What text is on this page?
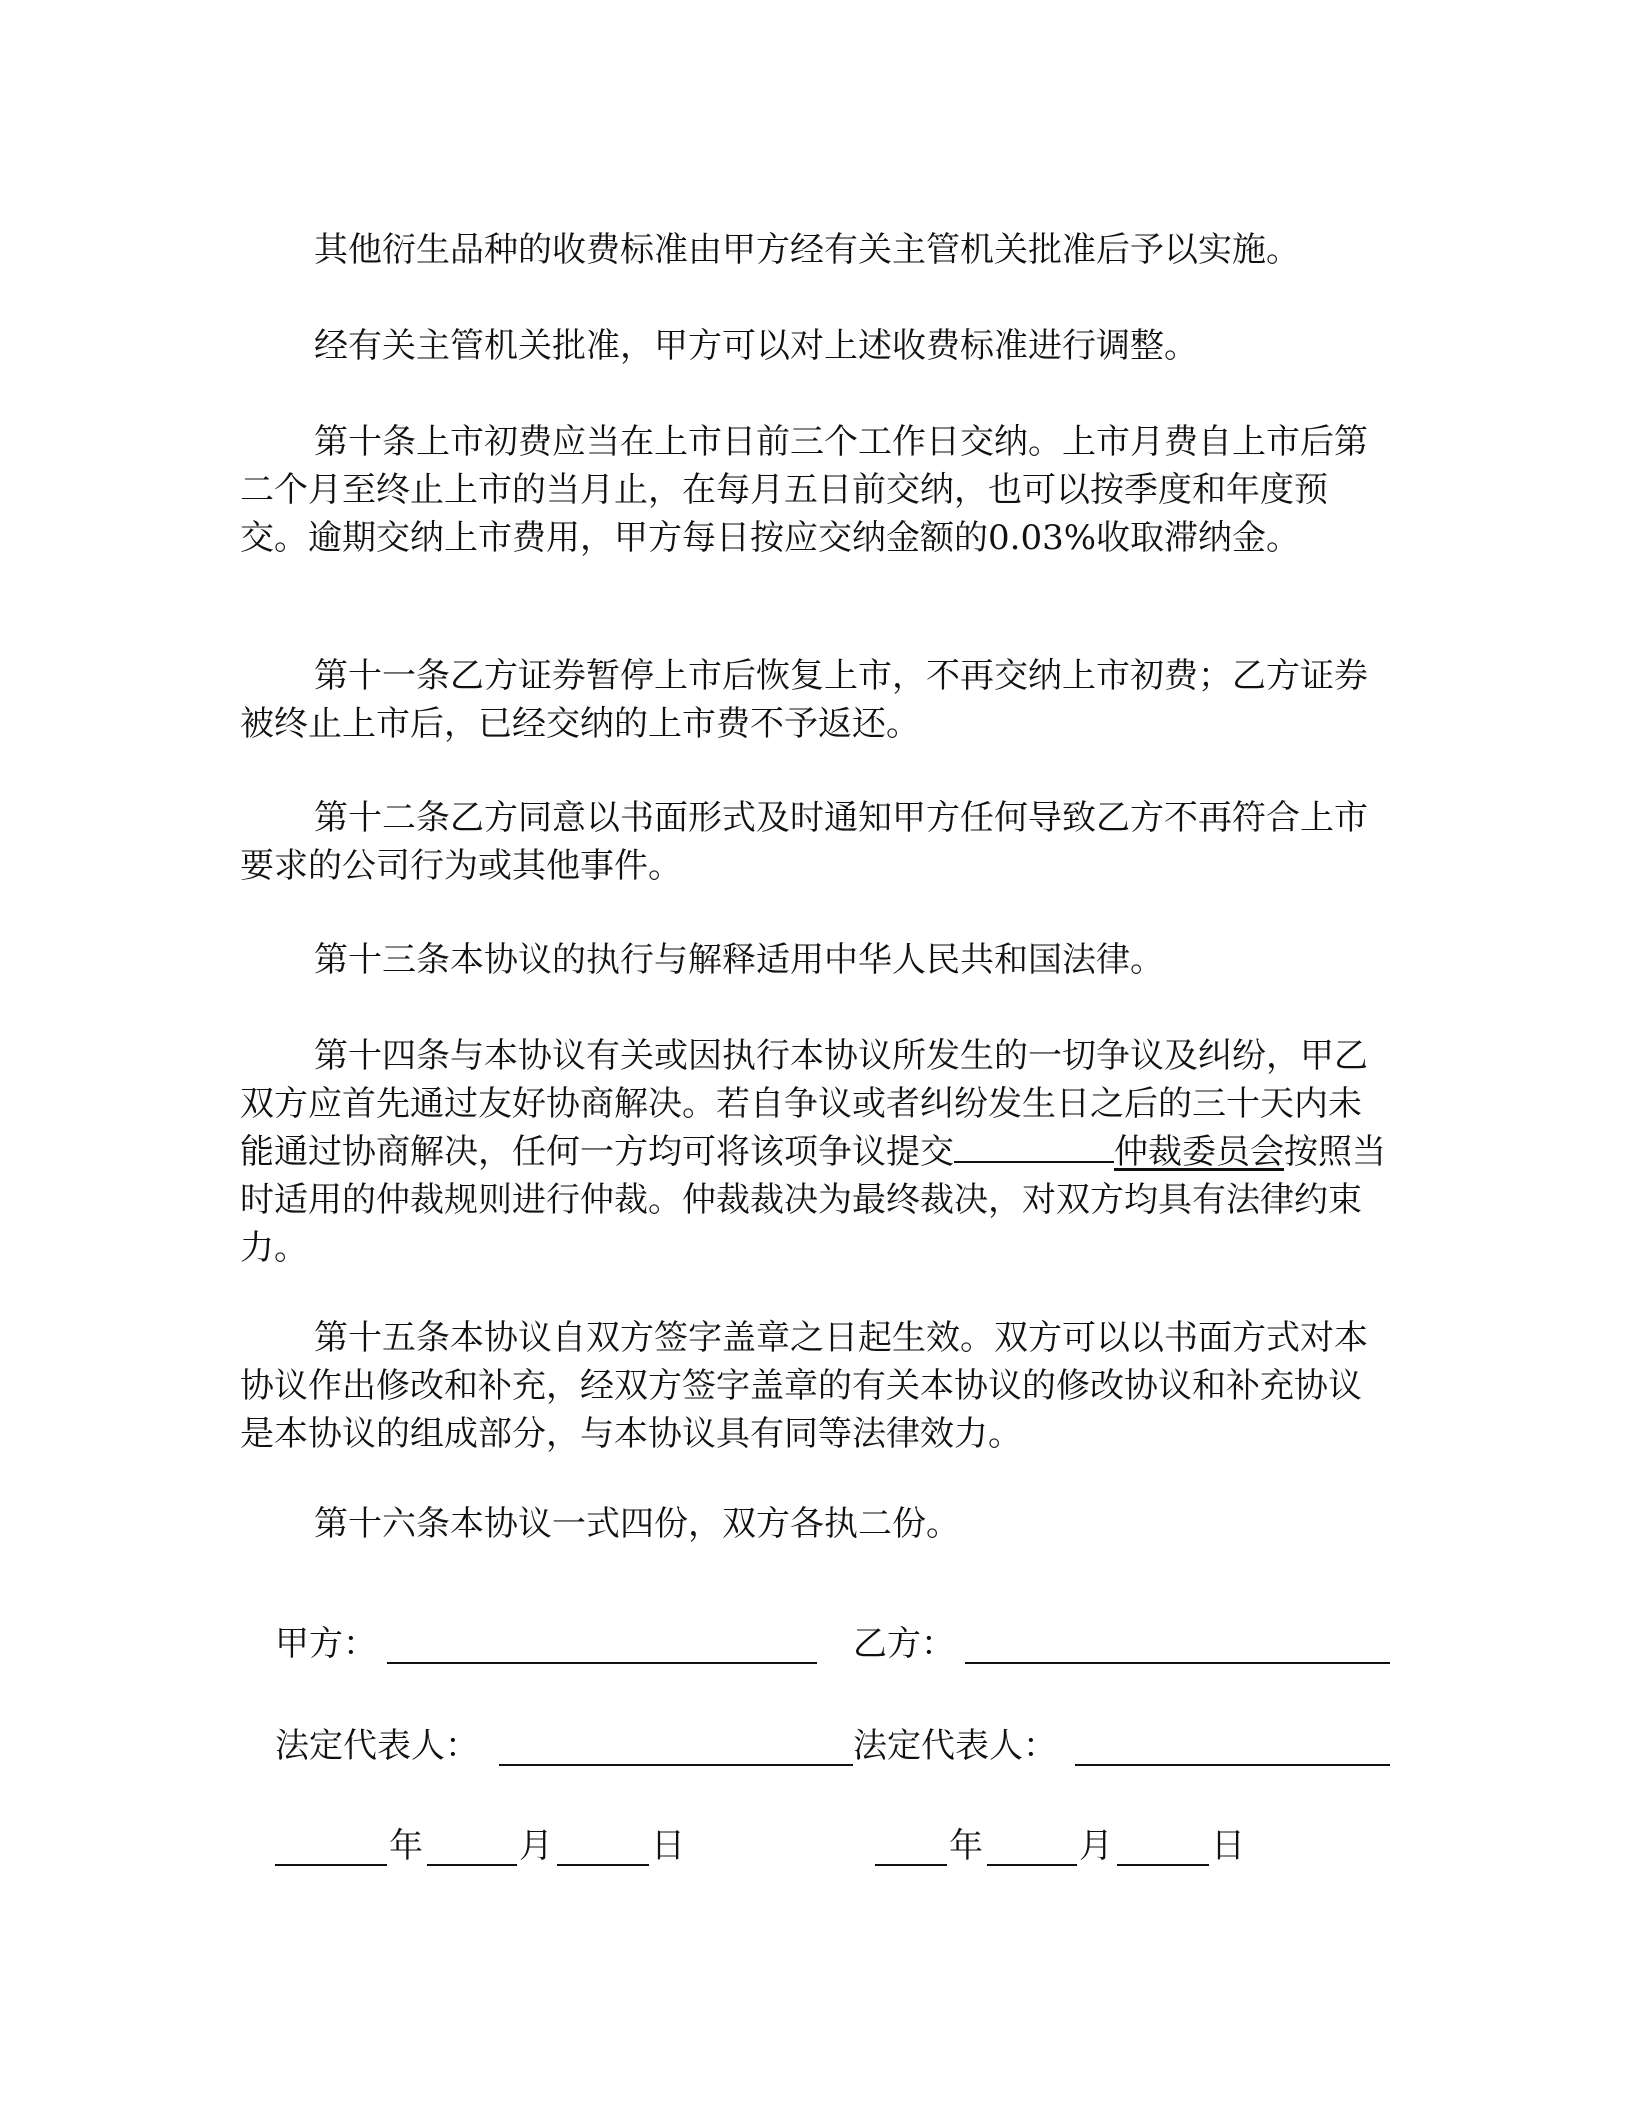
其他衍生品种的收费标准由甲方经有关主管机关批准后予以实施。

经有关主管机关批准，甲方可以对上述收费标准进行调整。

第十条上市初费应当在上市日前三个工作日交纳。上市月费自上市后第二个月至终止上市的当月止，在每月五日前交纳，也可以按季度和年度预交。逾期交纳上市费用，甲方每日按应交纳金额的0.03%收取滞纳金。

第十一条乙方证券暂停上市后恢复上市，不再交纳上市初费；乙方证券被终止上市后，已经交纳的上市费不予返还。

第十二条乙方同意以书面形式及时通知甲方任何导致乙方不再符合上市要求的公司行为或其他事件。

第十三条本协议的执行与解释适用中华人民共和国法律。

第十四条与本协议有关或因执行本协议所发生的一切争议及纠纷，甲乙双方应首先通过友好协商解决。若自争议或者纠纷发生日之后的三十天内未能通过协商解决，任何一方均可将该项争议提交	仲裁委员会按照当时适用的仲裁规则进行仲裁。仲裁裁决为最终裁决，对双方均具有法律约束力。

第十五条本协议自双方签字盖章之日起生效。双方可以以书面方式对本协议作出修改和补充，经双方签字盖章的有关本协议的修改协议和补充协议是本协议的组成部分，与本协议具有同等法律效力。

第十六条本协议一式四份，双方各执二份。

甲方：	乙方：
法定代表人：	法定代表人：
年	月	日	年	月	日
